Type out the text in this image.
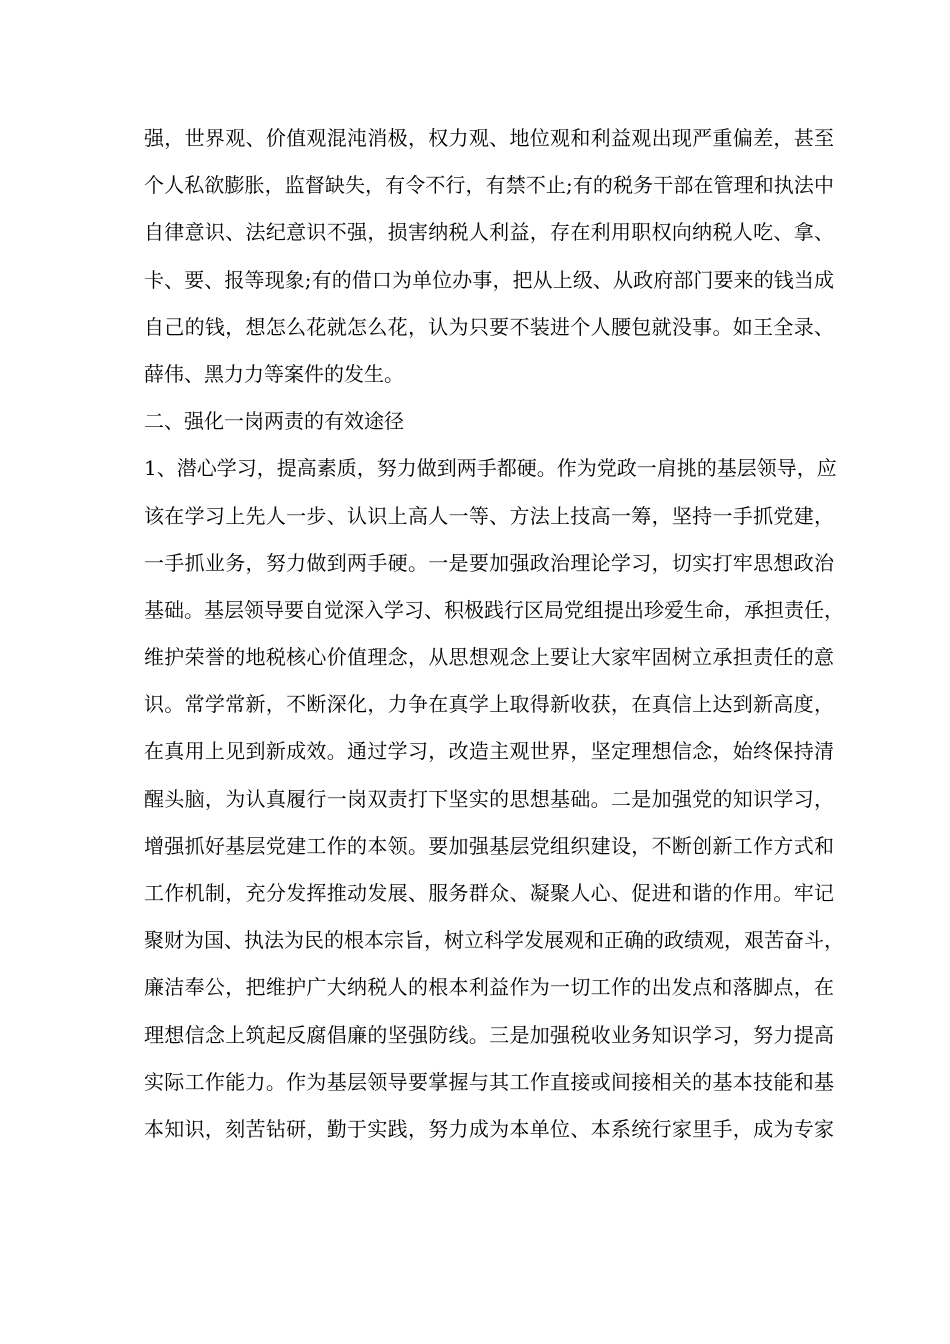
强，世界观、价值观混沌消极，权力观、地位观和利益观出现严重偏差，甚至
个人私欲膨胀，监督缺失，有令不行，有禁不止;有的税务干部在管理和执法中
自律意识、法纪意识不强，损害纳税人利益，存在利用职权向纳税人吃、拿、
卡、要、报等现象;有的借口为单位办事，把从上级、从政府部门要来的钱当成
自己的钱，想怎么花就怎么花，认为只要不装进个人腰包就没事。如王全录、
薛伟、黑力力等案件的发生。
二、强化一岗两责的有效途径
1、潜心学习，提高素质，努力做到两手都硬。作为党政一肩挑的基层领导，应
该在学习上先人一步、认识上高人一等、方法上技高一筹，坚持一手抓党建，
一手抓业务，努力做到两手硬。一是要加强政治理论学习，切实打牢思想政治
基础。基层领导要自觉深入学习、积极践行区局党组提出珍爱生命，承担责任，
维护荣誉的地税核心价值理念，从思想观念上要让大家牢固树立承担责任的意
识。常学常新，不断深化，力争在真学上取得新收获，在真信上达到新高度，
在真用上见到新成效。通过学习，改造主观世界，坚定理想信念，始终保持清
醒头脑，为认真履行一岗双责打下坚实的思想基础。二是加强党的知识学习，
增强抓好基层党建工作的本领。要加强基层党组织建设，不断创新工作方式和
工作机制，充分发挥推动发展、服务群众、凝聚人心、促进和谐的作用。牢记
聚财为国、执法为民的根本宗旨，树立科学发展观和正确的政绩观，艰苦奋斗，
廉洁奉公，把维护广大纳税人的根本利益作为一切工作的出发点和落脚点，在
理想信念上筑起反腐倡廉的坚强防线。三是加强税收业务知识学习，努力提高
实际工作能力。作为基层领导要掌握与其工作直接或间接相关的基本技能和基
本知识，刻苦钻研，勤于实践，努力成为本单位、本系统行家里手，成为专家
